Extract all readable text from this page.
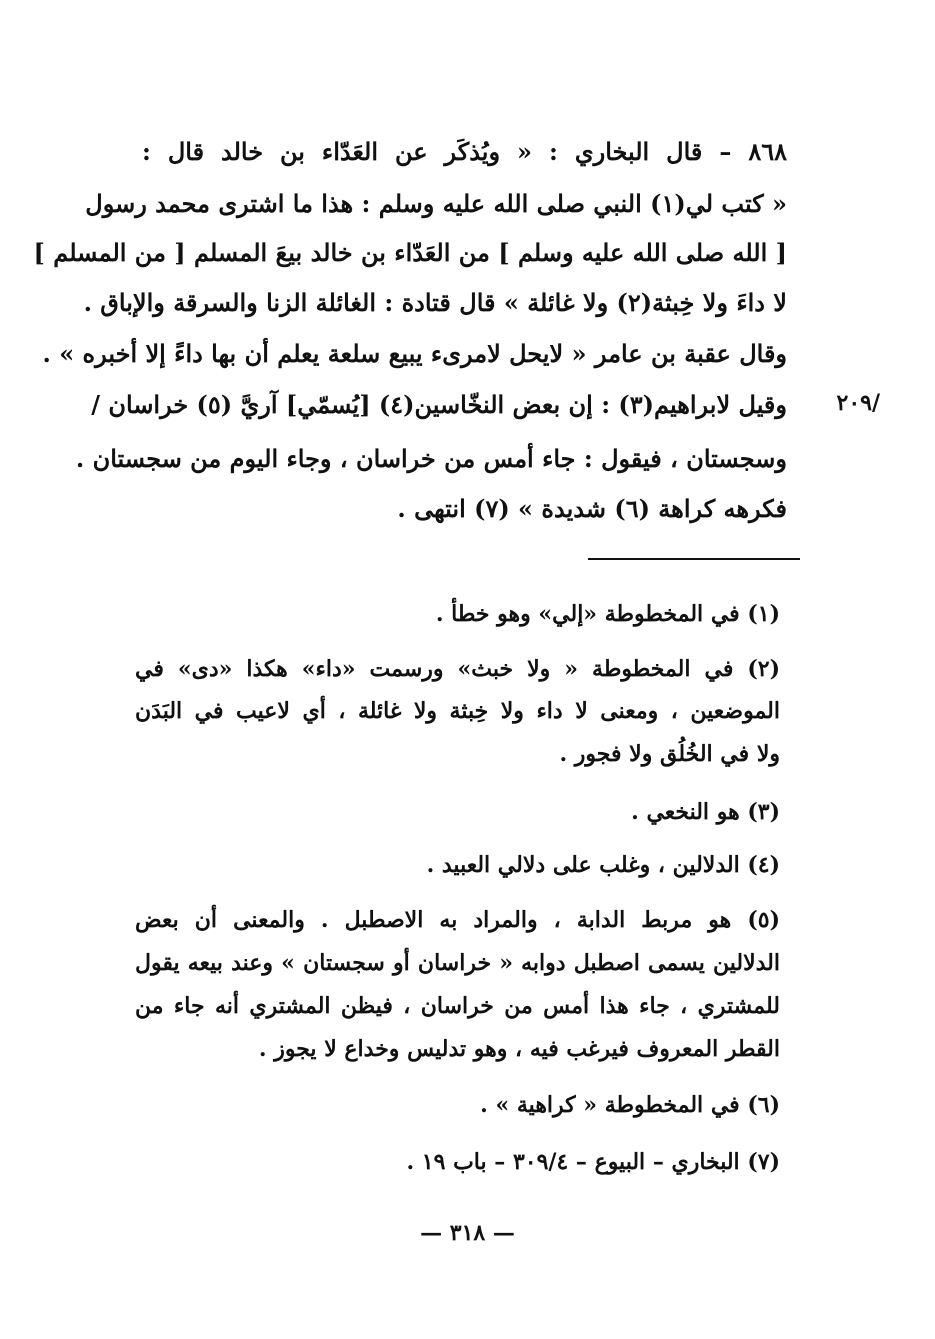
٨٦٨ – قال البخاري : « ويُذكَر عن العَدّاء بن خالد قال :
« كتب لي(١) النبي صلى الله عليه وسلم : هذا ما اشترى محمد رسول
[ الله صلى الله عليه وسلم ] من العَدّاء بن خالد بيعَ المسلم [ من المسلم ]
لا داءَ ولا خِبثة(٢) ولا غائلة » قال قتادة : الغائلة الزنا والسرقة والإباق .
وقال عقبة بن عامر « لايحل لامرىء يبيع سلعة يعلم أن بها داءً إلا أخبره » .
وقيل لابراهيم(٣) : إن بعض النخّاسين(٤) [يُسمّي] آريَّ (٥) خراسان /	/٢٠٩
وسجستان ، فيقول : جاء أمس من خراسان ، وجاء اليوم من سجستان .
فكرهه كراهة (٦) شديدة » (٧) انتهى .
(١) في المخطوطة «إلي» وهو خطأ .
(٢) في المخطوطة « ولا خبث» ورسمت «داء» هكذا «دى» في
الموضعين ، ومعنى لا داء ولا خِبثة ولا غائلة ، أي لاعيب في البَدَن
ولا في الخُلُق ولا فجور .
(٣) هو النخعي .
(٤) الدلالين ، وغلب على دلالي العبيد .
(٥) هو مربط الدابة ، والمراد به الاصطبل . والمعنى أن بعض
الدلالين يسمى اصطبل دوابه « خراسان أو سجستان » وعند بيعه يقول
للمشتري ، جاء هذا أمس من خراسان ، فيظن المشتري أنه جاء من
القطر المعروف فيرغب فيه ، وهو تدليس وخداع لا يجوز .
(٦) في المخطوطة « كراهية » .
(٧) البخاري – البيوع – ٣٠٩/٤ – باب ١٩ .
— ٣١٨ —
